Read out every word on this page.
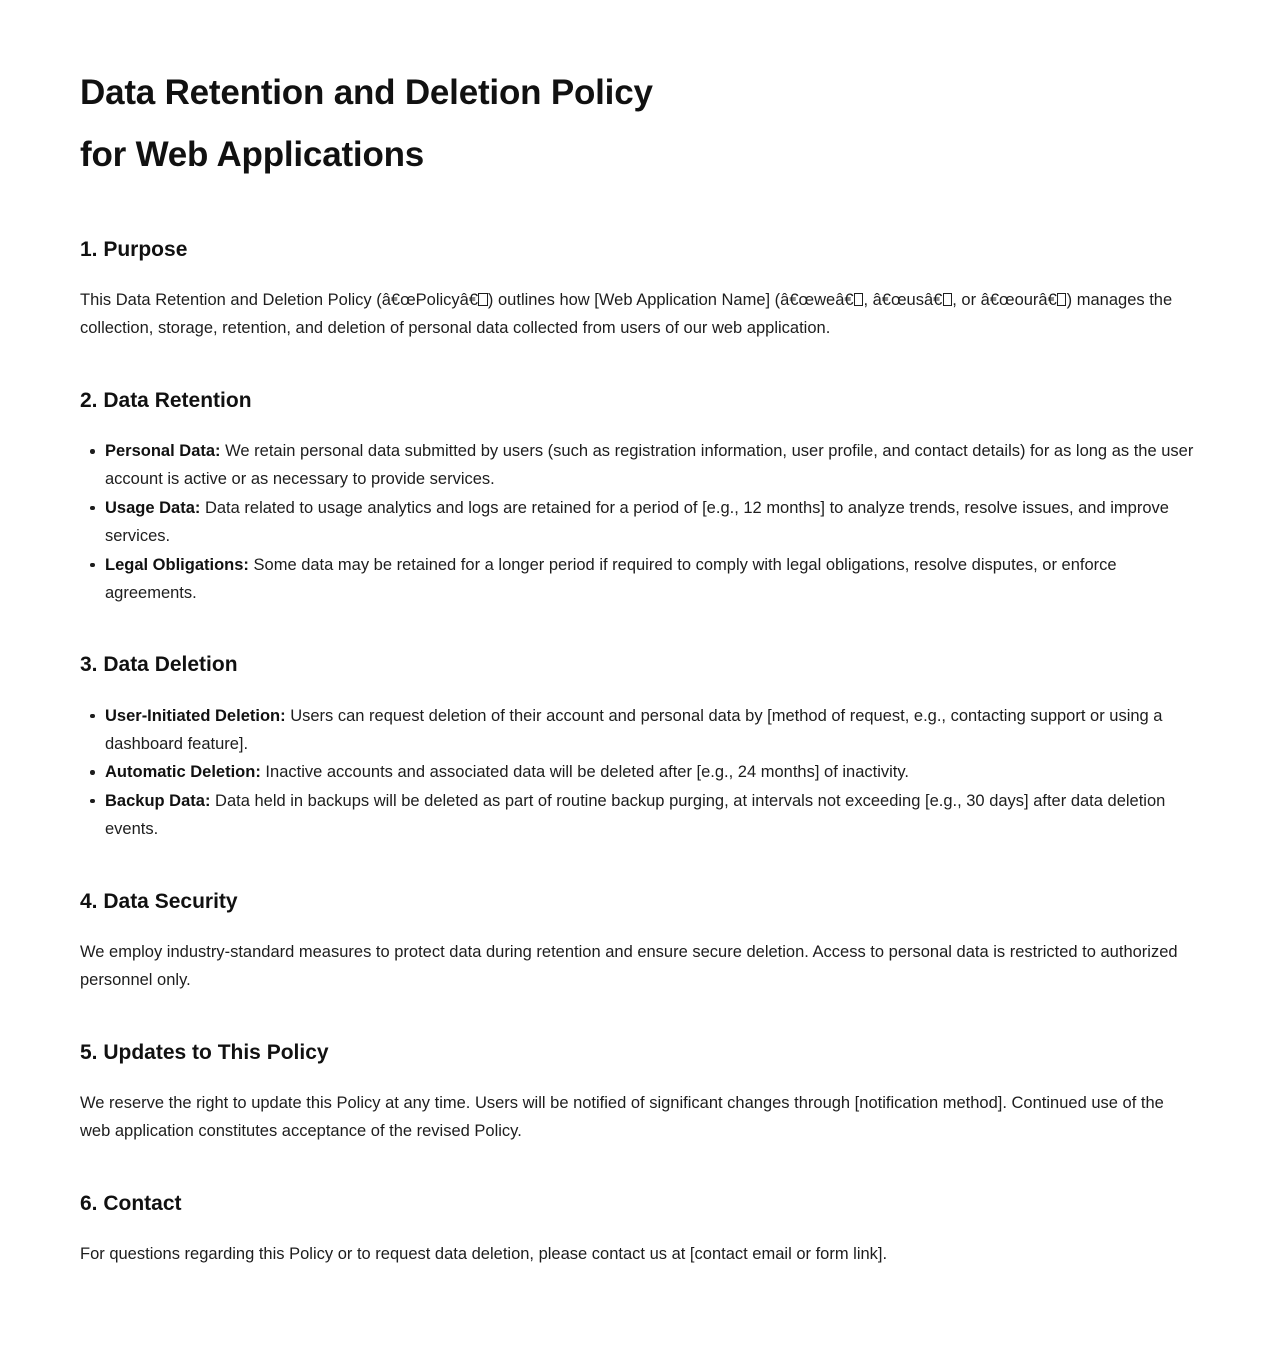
Data Retention and Deletion Policy
for Web Applications
1. Purpose

This Data Retention and Deletion Policy (â€œPolicyâ€ ) outlines how [Web Application Name] (â€œweâ€ , â€œusâ€ , or â€œourâ€ ) manages the collection, storage, retention, and deletion of personal data collected from users of our web application.

2. Data Retention
Personal Data: We retain personal data submitted by users (such as registration information, user profile, and contact details) for as long as the user account is active or as necessary to provide services.
Usage Data: Data related to usage analytics and logs are retained for a period of [e.g., 12 months] to analyze trends, resolve issues, and improve services.
Legal Obligations: Some data may be retained for a longer period if required to comply with legal obligations, resolve disputes, or enforce agreements.
3. Data Deletion
User-Initiated Deletion: Users can request deletion of their account and personal data by [method of request, e.g., contacting support or using a dashboard feature].
Automatic Deletion: Inactive accounts and associated data will be deleted after [e.g., 24 months] of inactivity.
Backup Data: Data held in backups will be deleted as part of routine backup purging, at intervals not exceeding [e.g., 30 days] after data deletion events.
4. Data Security

We employ industry-standard measures to protect data during retention and ensure secure deletion. Access to personal data is restricted to authorized personnel only.

5. Updates to This Policy

We reserve the right to update this Policy at any time. Users will be notified of significant changes through [notification method]. Continued use of the web application constitutes acceptance of the revised Policy.

6. Contact

For questions regarding this Policy or to request data deletion, please contact us at [contact email or form link].
